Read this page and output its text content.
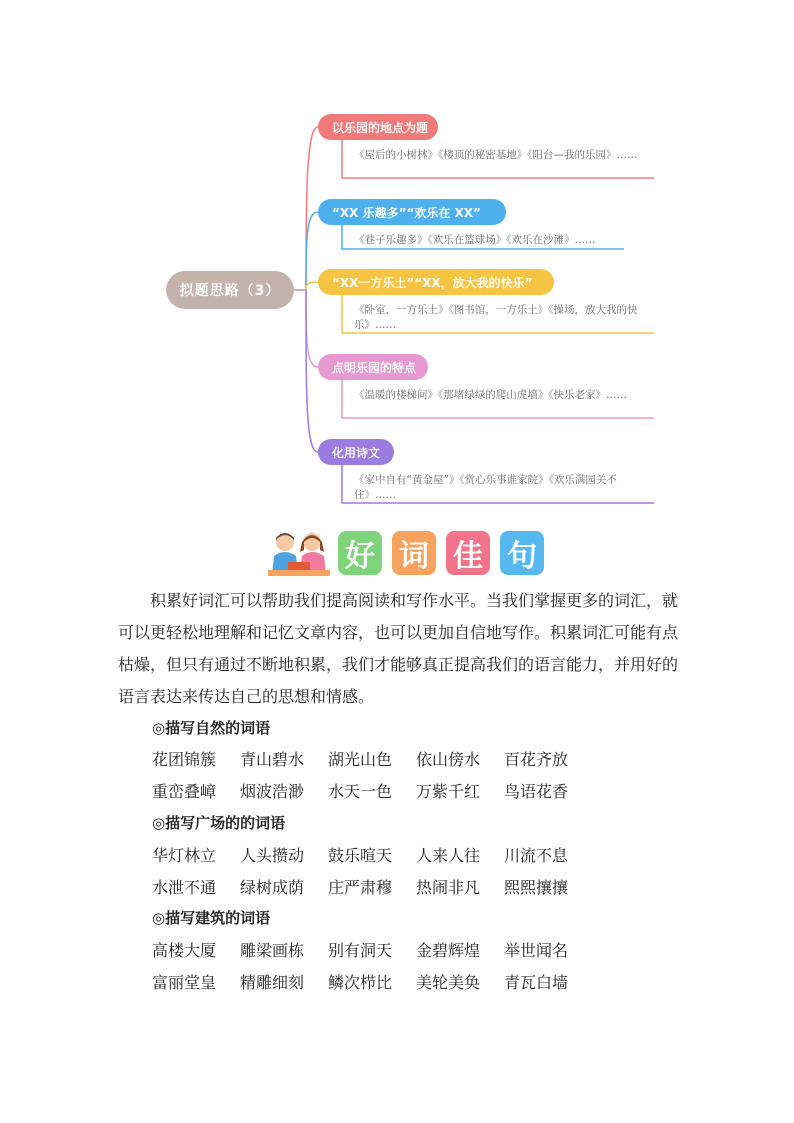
拟题思路（3）
以乐园的地点为题
《屋后的小树林》《楼顶的秘密基地》《阳台—我的乐园》……
“XX 乐趣多”“欢乐在 XX”
《巷子乐趣多》《欢乐在篮球场》《欢乐在沙滩》……
“XX一方乐土”“XX，放大我的快乐”
《卧室，一方乐土》《图书馆，一方乐土》《操场，放大我的快乐》……
点明乐园的特点
《温暖的楼梯间》《那堵绿绿的爬山虎墙》《快乐老家》……
化用诗文
《家中自有“黄金屋”》《赏心乐事谁家院》《欢乐满园关不住》……
好 词 佳 句
积累好词汇可以帮助我们提高阅读和写作水平。当我们掌握更多的词汇，就可以更轻松地理解和记忆文章内容，也可以更加自信地写作。积累词汇可能有点枯燥，但只有通过不断地积累，我们才能够真正提高我们的语言能力，并用好的语言表达来传达自己的思想和情感。
◎描写自然的词语
花团锦簇	青山碧水	湖光山色	依山傍水	百花齐放
重峦叠嶂	烟波浩渺	水天一色	万紫千红	鸟语花香
◎描写广场的的词语
华灯林立	人头攒动	鼓乐喧天	人来人往	川流不息
水泄不通	绿树成荫	庄严肃穆	热闹非凡	熙熙攘攘
◎描写建筑的词语
高楼大厦	雕梁画栋	别有洞天	金碧辉煌	举世闻名
富丽堂皇	精雕细刻	鳞次栉比	美轮美奂	青瓦白墙
